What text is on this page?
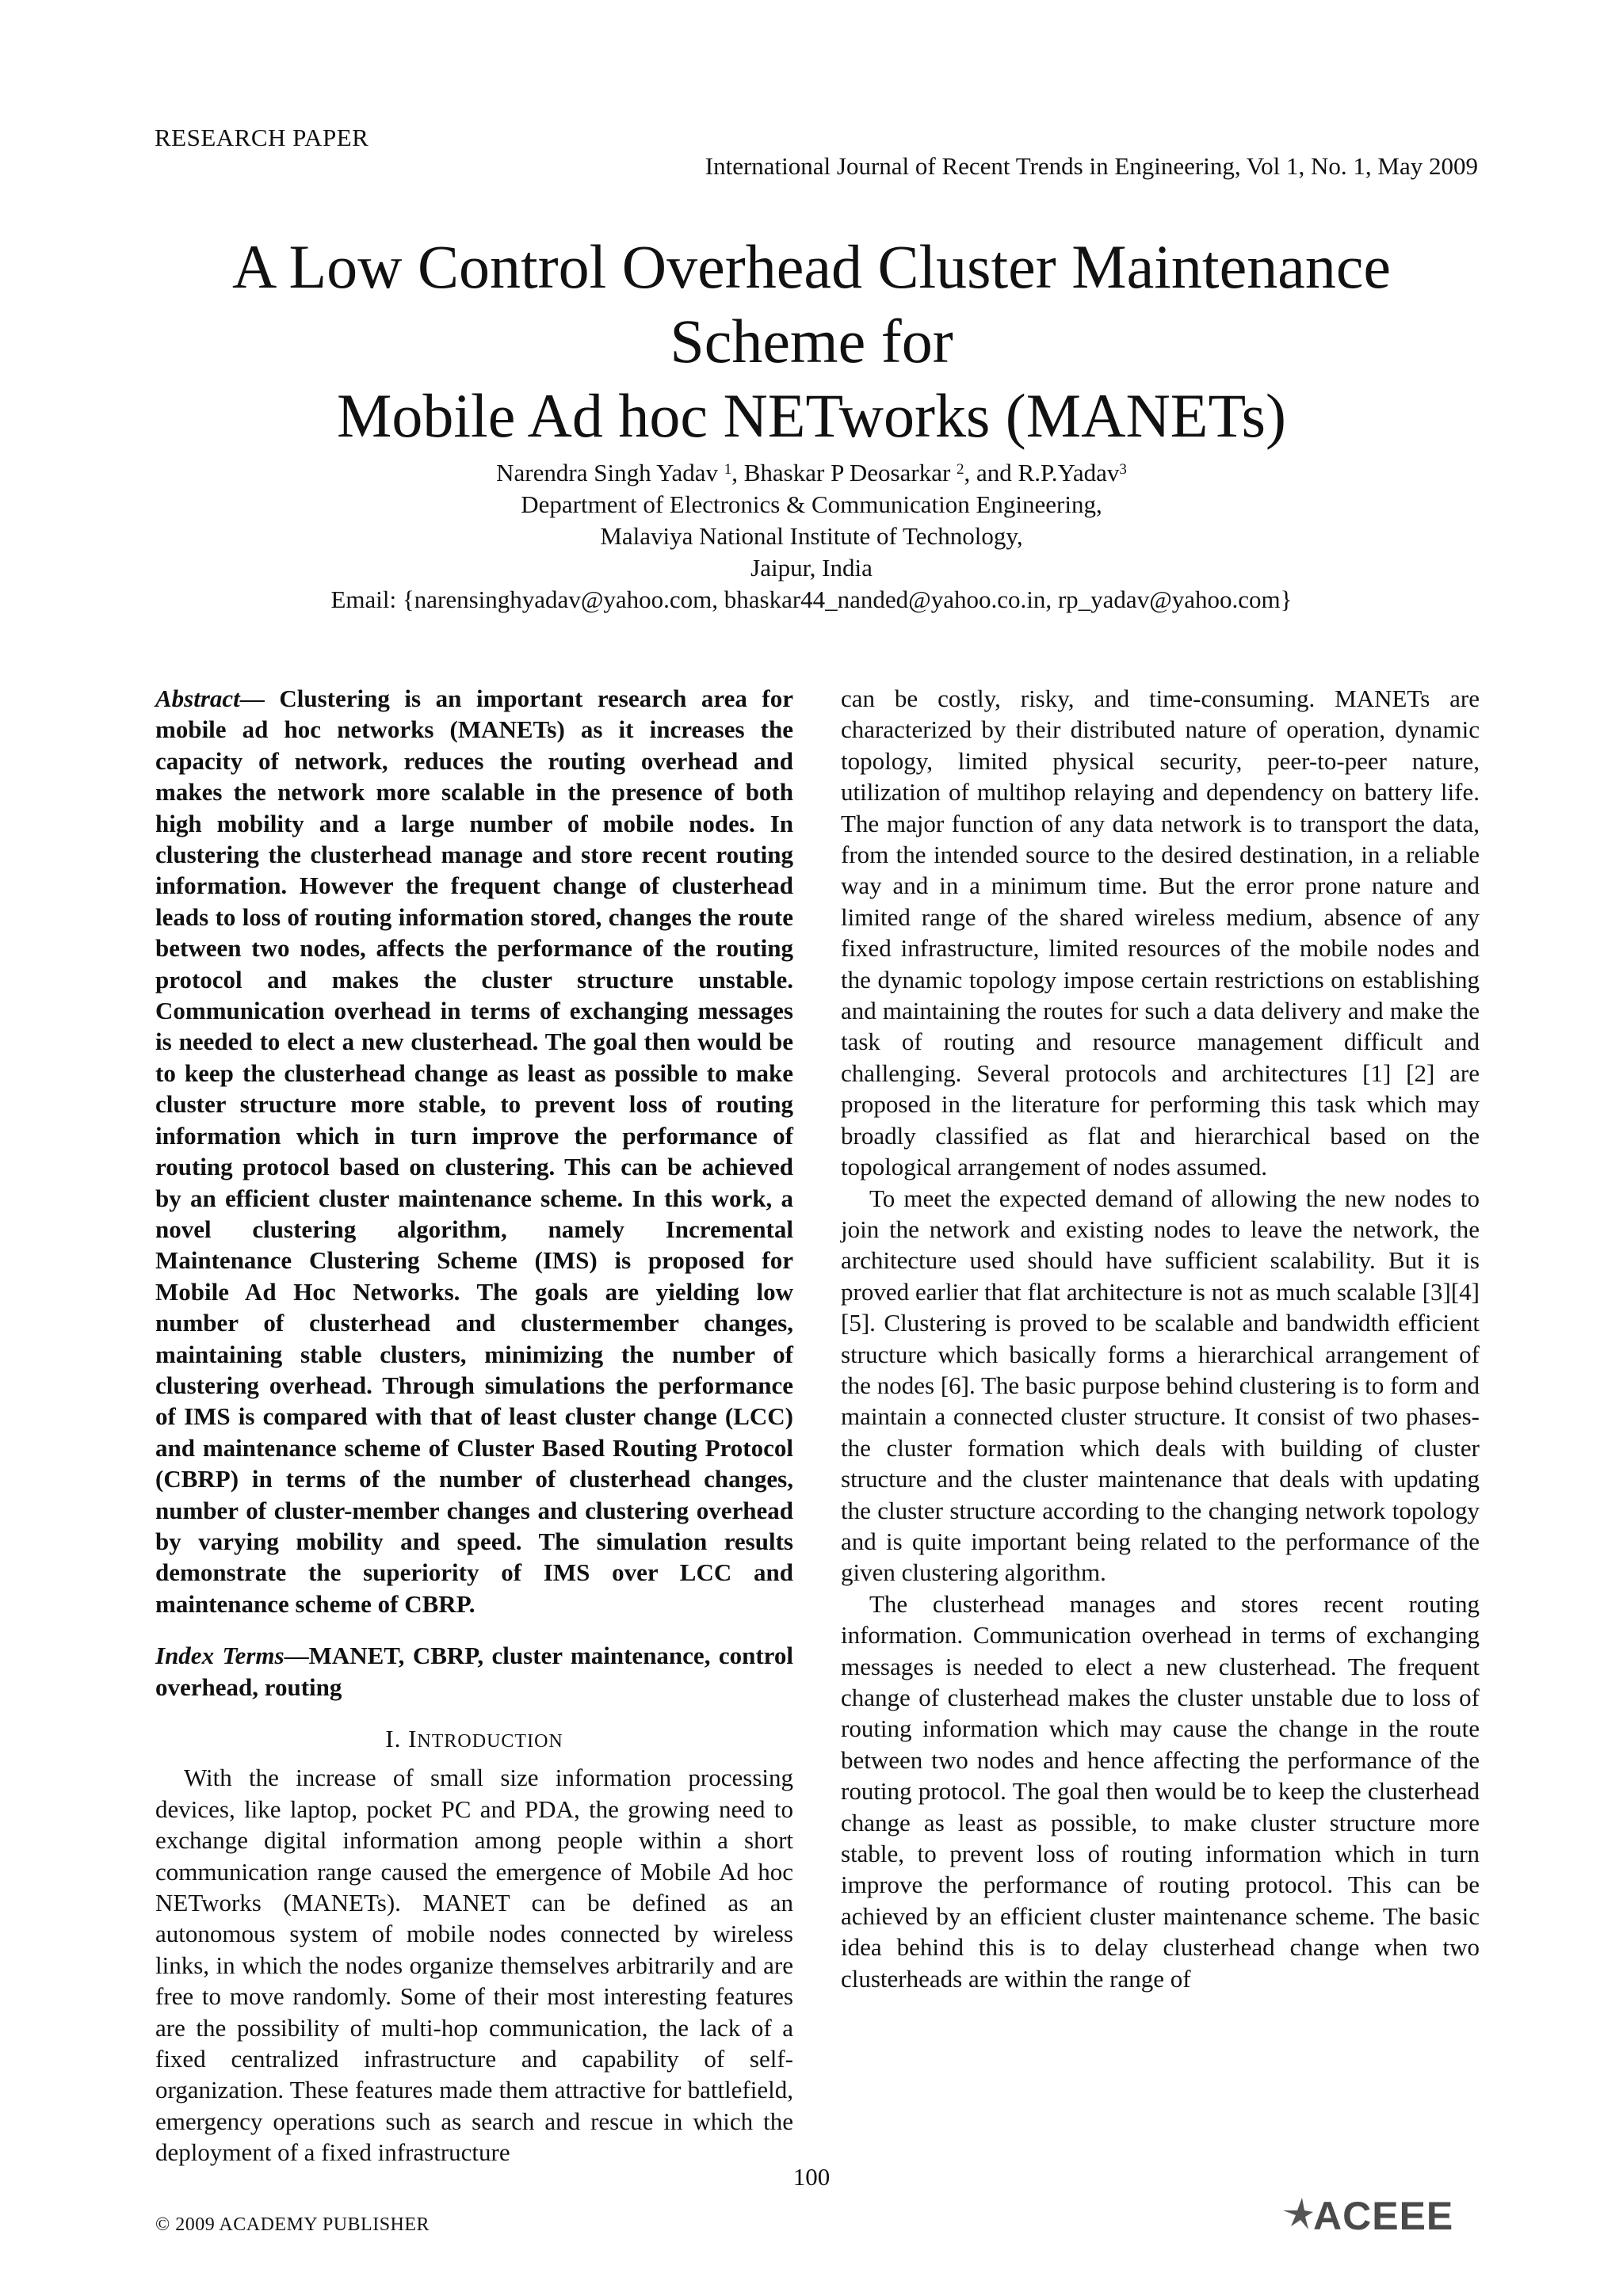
RESEARCH PAPER
International Journal of Recent Trends in Engineering, Vol 1, No. 1, May 2009
A Low Control Overhead Cluster Maintenance
Scheme for
Mobile Ad hoc NETworks (MANETs)
Narendra Singh Yadav $^1$, Bhaskar P Deosarkar $^2$, and R.P.Yadav$^3$
Department of Electronics & Communication Engineering,
Malaviya National Institute of Technology,
Jaipur, India
Email: {narensinghyadav@yahoo.com, bhaskar44_nanded@yahoo.co.in, rp_yadav@yahoo.com}

Abstract— Clustering is an important research area for mobile ad hoc networks (MANETs) as it increases the capacity of network, reduces the routing overhead and makes the network more scalable in the presence of both high mobility and a large number of mobile nodes. In clustering the clusterhead manage and store recent routing information. However the frequent change of clusterhead leads to loss of routing information stored, changes the route between two nodes, affects the performance of the routing protocol and makes the cluster structure unstable. Communication overhead in terms of exchanging messages is needed to elect a new clusterhead. The goal then would be to keep the clusterhead change as least as possible to make cluster structure more stable, to prevent loss of routing information which in turn improve the performance of routing protocol based on clustering. This can be achieved by an efficient cluster maintenance scheme. In this work, a novel clustering algorithm, namely Incremental Maintenance Clustering Scheme (IMS) is proposed for Mobile Ad Hoc Networks. The goals are yielding low number of clusterhead and clustermember changes, maintaining stable clusters, minimizing the number of clustering overhead. Through simulations the performance of IMS is compared with that of least cluster change (LCC) and maintenance scheme of Cluster Based Routing Protocol (CBRP) in terms of the number of clusterhead changes, number of cluster-member changes and clustering overhead by varying mobility and speed. The simulation results demonstrate the superiority of IMS over LCC and maintenance scheme of CBRP.

Index Terms—MANET, CBRP, cluster maintenance, control overhead, routing

I. INTRODUCTION

With the increase of small size information processing devices, like laptop, pocket PC and PDA, the growing need to exchange digital information among people within a short communication range caused the emergence of Mobile Ad hoc NETworks (MANETs). MANET can be defined as an autonomous system of mobile nodes connected by wireless links, in which the nodes organize themselves arbitrarily and are free to move randomly. Some of their most interesting features are the possibility of multi-hop communication, the lack of a fixed centralized infrastructure and capability of self-organization. These features made them attractive for battlefield, emergency operations such as search and rescue in which the deployment of a fixed infrastructure

can be costly, risky, and time-consuming. MANETs are characterized by their distributed nature of operation, dynamic topology, limited physical security, peer-to-peer nature, utilization of multihop relaying and dependency on battery life. The major function of any data network is to transport the data, from the intended source to the desired destination, in a reliable way and in a minimum time. But the error prone nature and limited range of the shared wireless medium, absence of any fixed infrastructure, limited resources of the mobile nodes and the dynamic topology impose certain restrictions on establishing and maintaining the routes for such a data delivery and make the task of routing and resource management difficult and challenging. Several protocols and architectures [1] [2] are proposed in the literature for performing this task which may broadly classified as flat and hierarchical based on the topological arrangement of nodes assumed.

To meet the expected demand of allowing the new nodes to join the network and existing nodes to leave the network, the architecture used should have sufficient scalability. But it is proved earlier that flat architecture is not as much scalable [3][4][5]. Clustering is proved to be scalable and bandwidth efficient structure which basically forms a hierarchical arrangement of the nodes [6]. The basic purpose behind clustering is to form and maintain a connected cluster structure. It consist of two phases- the cluster formation which deals with building of cluster structure and the cluster maintenance that deals with updating the cluster structure according to the changing network topology and is quite important being related to the performance of the given clustering algorithm.

The clusterhead manages and stores recent routing information. Communication overhead in terms of exchanging messages is needed to elect a new clusterhead. The frequent change of clusterhead makes the cluster unstable due to loss of routing information which may cause the change in the route between two nodes and hence affecting the performance of the routing protocol. The goal then would be to keep the clusterhead change as least as possible, to make cluster structure more stable, to prevent loss of routing information which in turn improve the performance of routing protocol. This can be achieved by an efficient cluster maintenance scheme. The basic idea behind this is to delay clusterhead change when two clusterheads are within the range of

100
© 2009 ACADEMY PUBLISHER	ACEEE
